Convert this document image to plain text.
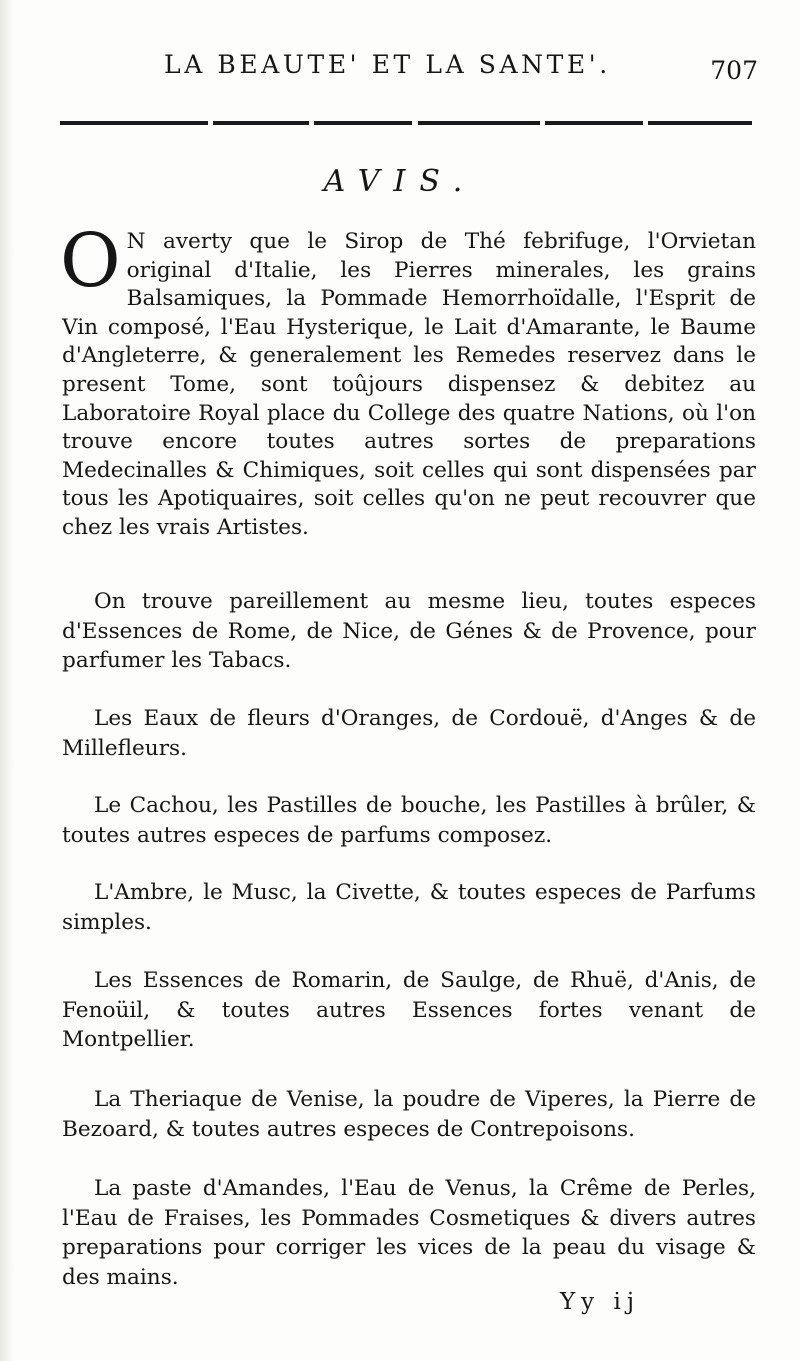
LA BEAUTE' ET LA SANTE'.	707
AVIS.
O N averty que le Sirop de Thé febrifuge, l'Orvietan original d'Italie, les Pierres minerales, les grains Balsamiques, la Pommade Hemorrhoïdalle, l'Esprit de Vin composé, l'Eau Hysterique, le Lait d'Amarante, le Baume d'Angleterre, & generalement les Remedes reservez dans le present Tome, sont toûjours dispensez & debitez au Laboratoire Royal place du College des quatre Nations, où l'on trouve encore toutes autres sortes de preparations Medecinalles & Chimiques, soit celles qui sont dispensées par tous les Apotiquaires, soit celles qu'on ne peut recouvrer que chez les vrais Artistes.
On trouve pareillement au mesme lieu, toutes especes d'Essences de Rome, de Nice, de Génes & de Provence, pour parfumer les Tabacs.
Les Eaux de fleurs d'Oranges, de Cordouë, d'Anges & de Millefleurs.
Le Cachou, les Pastilles de bouche, les Pastilles à brûler, & toutes autres especes de parfums composez.
L'Ambre, le Musc, la Civette, & toutes especes de Parfums simples.
Les Essences de Romarin, de Saulge, de Rhuë, d'Anis, de Fenoüil, & toutes autres Essences fortes venant de Montpellier.
La Theriaque de Venise, la poudre de Viperes, la Pierre de Bezoard, & toutes autres especes de Contrepoisons.
La paste d'Amandes, l'Eau de Venus, la Crême de Perles, l'Eau de Fraises, les Pommades Cosmetiques & divers autres preparations pour corriger les vices de la peau du visage & des mains.
Yy ij
